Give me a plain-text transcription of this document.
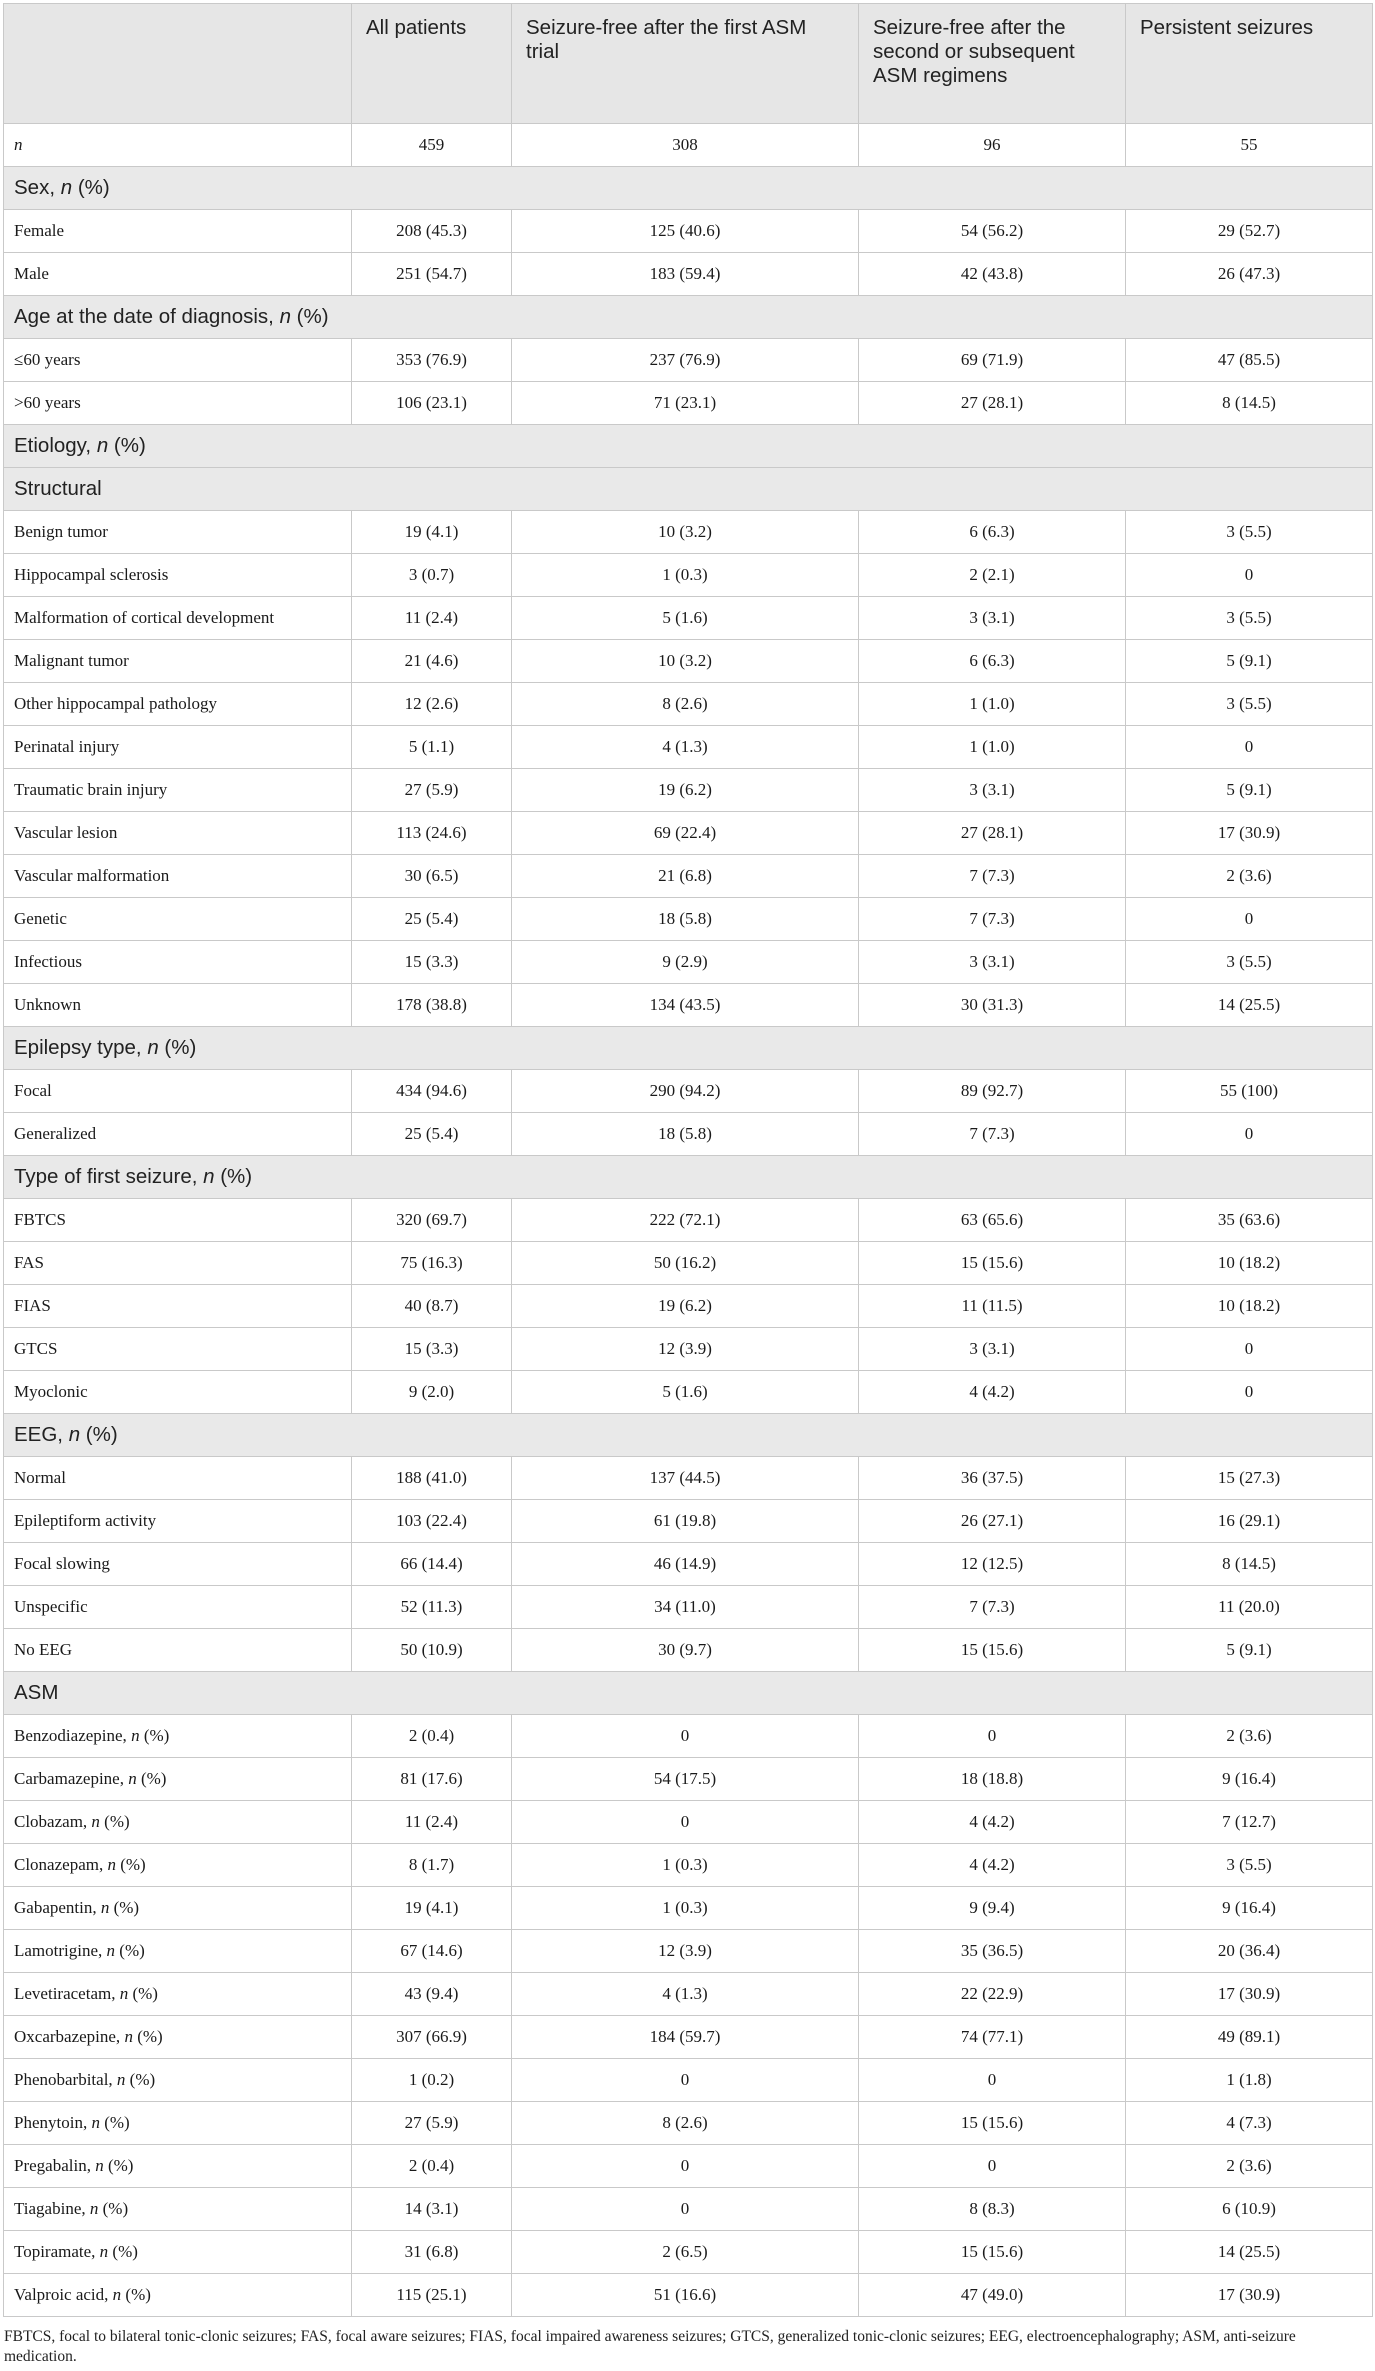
	All patients	Seizure-free after the first ASM trial	Seizure-free after the second or subsequent ASM regimens	Persistent seizures
n	459	308	96	55
Sex, n (%)				
Female	208 (45.3)	125 (40.6)	54 (56.2)	29 (52.7)
Male	251 (54.7)	183 (59.4)	42 (43.8)	26 (47.3)
Age at the date of diagnosis, n (%)				
≤60 years	353 (76.9)	237 (76.9)	69 (71.9)	47 (85.5)
>60 years	106 (23.1)	71 (23.1)	27 (28.1)	8 (14.5)
Etiology, n (%)				
Structural				
Benign tumor	19 (4.1)	10 (3.2)	6 (6.3)	3 (5.5)
Hippocampal sclerosis	3 (0.7)	1 (0.3)	2 (2.1)	0
Malformation of cortical development	11 (2.4)	5 (1.6)	3 (3.1)	3 (5.5)
Malignant tumor	21 (4.6)	10 (3.2)	6 (6.3)	5 (9.1)
Other hippocampal pathology	12 (2.6)	8 (2.6)	1 (1.0)	3 (5.5)
Perinatal injury	5 (1.1)	4 (1.3)	1 (1.0)	0
Traumatic brain injury	27 (5.9)	19 (6.2)	3 (3.1)	5 (9.1)
Vascular lesion	113 (24.6)	69 (22.4)	27 (28.1)	17 (30.9)
Vascular malformation	30 (6.5)	21 (6.8)	7 (7.3)	2 (3.6)
Genetic	25 (5.4)	18 (5.8)	7 (7.3)	0
Infectious	15 (3.3)	9 (2.9)	3 (3.1)	3 (5.5)
Unknown	178 (38.8)	134 (43.5)	30 (31.3)	14 (25.5)
Epilepsy type, n (%)				
Focal	434 (94.6)	290 (94.2)	89 (92.7)	55 (100)
Generalized	25 (5.4)	18 (5.8)	7 (7.3)	0
Type of first seizure, n (%)				
FBTCS	320 (69.7)	222 (72.1)	63 (65.6)	35 (63.6)
FAS	75 (16.3)	50 (16.2)	15 (15.6)	10 (18.2)
FIAS	40 (8.7)	19 (6.2)	11 (11.5)	10 (18.2)
GTCS	15 (3.3)	12 (3.9)	3 (3.1)	0
Myoclonic	9 (2.0)	5 (1.6)	4 (4.2)	0
EEG, n (%)				
Normal	188 (41.0)	137 (44.5)	36 (37.5)	15 (27.3)
Epileptiform activity	103 (22.4)	61 (19.8)	26 (27.1)	16 (29.1)
Focal slowing	66 (14.4)	46 (14.9)	12 (12.5)	8 (14.5)
Unspecific	52 (11.3)	34 (11.0)	7 (7.3)	11 (20.0)
No EEG	50 (10.9)	30 (9.7)	15 (15.6)	5 (9.1)
ASM				
Benzodiazepine, n (%)	2 (0.4)	0	0	2 (3.6)
Carbamazepine, n (%)	81 (17.6)	54 (17.5)	18 (18.8)	9 (16.4)
Clobazam, n (%)	11 (2.4)	0	4 (4.2)	7 (12.7)
Clonazepam, n (%)	8 (1.7)	1 (0.3)	4 (4.2)	3 (5.5)
Gabapentin, n (%)	19 (4.1)	1 (0.3)	9 (9.4)	9 (16.4)
Lamotrigine, n (%)	67 (14.6)	12 (3.9)	35 (36.5)	20 (36.4)
Levetiracetam, n (%)	43 (9.4)	4 (1.3)	22 (22.9)	17 (30.9)
Oxcarbazepine, n (%)	307 (66.9)	184 (59.7)	74 (77.1)	49 (89.1)
Phenobarbital, n (%)	1 (0.2)	0	0	1 (1.8)
Phenytoin, n (%)	27 (5.9)	8 (2.6)	15 (15.6)	4 (7.3)
Pregabalin, n (%)	2 (0.4)	0	0	2 (3.6)
Tiagabine, n (%)	14 (3.1)	0	8 (8.3)	6 (10.9)
Topiramate, n (%)	31 (6.8)	2 (6.5)	15 (15.6)	14 (25.5)
Valproic acid, n (%)	115 (25.1)	51 (16.6)	47 (49.0)	17 (30.9)
FBTCS, focal to bilateral tonic-clonic seizures; FAS, focal aware seizures; FIAS, focal impaired awareness seizures; GTCS, generalized tonic-clonic seizures; EEG, electroencephalography; ASM, anti-seizure medication.
